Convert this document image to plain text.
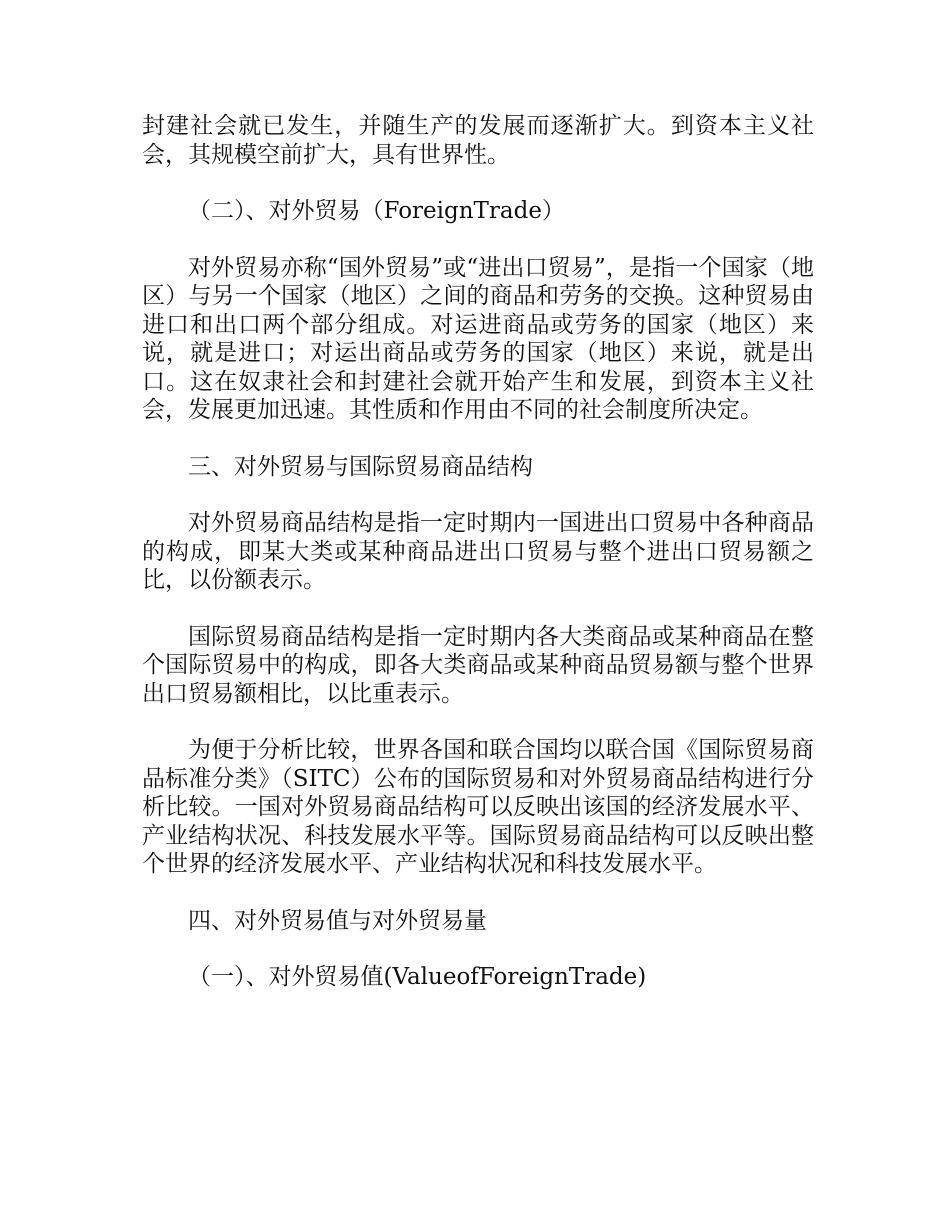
封建社会就已发生，并随生产的发展而逐渐扩大。到资本主义社会，其规模空前扩大，具有世界性。

（二）、对外贸易（ForeignTrade）

对外贸易亦称“国外贸易”或“进出口贸易”，是指一个国家（地区）与另一个国家（地区）之间的商品和劳务的交换。这种贸易由进口和出口两个部分组成。对运进商品或劳务的国家（地区）来说，就是进口；对运出商品或劳务的国家（地区）来说，就是出口。这在奴隶社会和封建社会就开始产生和发展，到资本主义社会，发展更加迅速。其性质和作用由不同的社会制度所决定。

三、对外贸易与国际贸易商品结构

对外贸易商品结构是指一定时期内一国进出口贸易中各种商品的构成，即某大类或某种商品进出口贸易与整个进出口贸易额之比，以份额表示。

国际贸易商品结构是指一定时期内各大类商品或某种商品在整个国际贸易中的构成，即各大类商品或某种商品贸易额与整个世界出口贸易额相比，以比重表示。

为便于分析比较，世界各国和联合国均以联合国《国际贸易商品标准分类》（SITC）公布的国际贸易和对外贸易商品结构进行分析比较。一国对外贸易商品结构可以反映出该国的经济发展水平、产业结构状况、科技发展水平等。国际贸易商品结构可以反映出整个世界的经济发展水平、产业结构状况和科技发展水平。

四、对外贸易值与对外贸易量

（一）、对外贸易值(ValueofForeignTrade)
